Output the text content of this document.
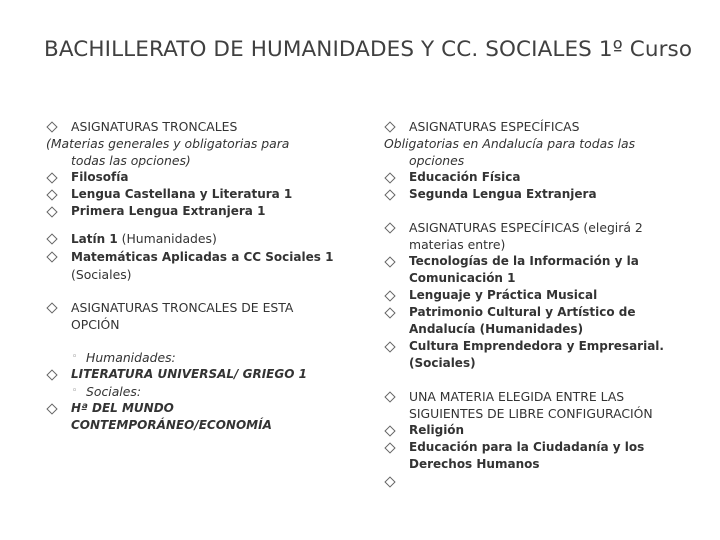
BACHILLERATO DE HUMANIDADES Y CC. SOCIALES 1º Curso
ASIGNATURAS TRONCALES
(Materias generales y obligatorias para
todas las opciones)
Filosofía
Lengua Castellana y Literatura 1
Primera Lengua Extranjera 1
Latín 1 (Humanidades)
Matemáticas Aplicadas a CC Sociales 1
(Sociales)
ASIGNATURAS TRONCALES DE ESTA
OPCIÓN
◦ Humanidades:
LITERATURA UNIVERSAL/ GRIEGO 1
◦ Sociales:
Hª DEL MUNDO
CONTEMPORÁNEO/ECONOMÍA
ASIGNATURAS ESPECÍFICAS
Obligatorias en Andalucía para todas las
opciones
Educación Física
Segunda Lengua Extranjera
ASIGNATURAS ESPECÍFICAS (elegirá 2
materias entre)
Tecnologías de la Información y la Comunicación 1
Lenguaje y Práctica Musical
Patrimonio Cultural y Artístico de Andalucía (Humanidades)
Cultura Emprendedora y Empresarial.(Sociales)
UNA MATERIA ELEGIDA ENTRE LAS SIGUIENTES DE LIBRE CONFIGURACIÓN
Religión
Educación para la Ciudadanía y los Derechos Humanos
